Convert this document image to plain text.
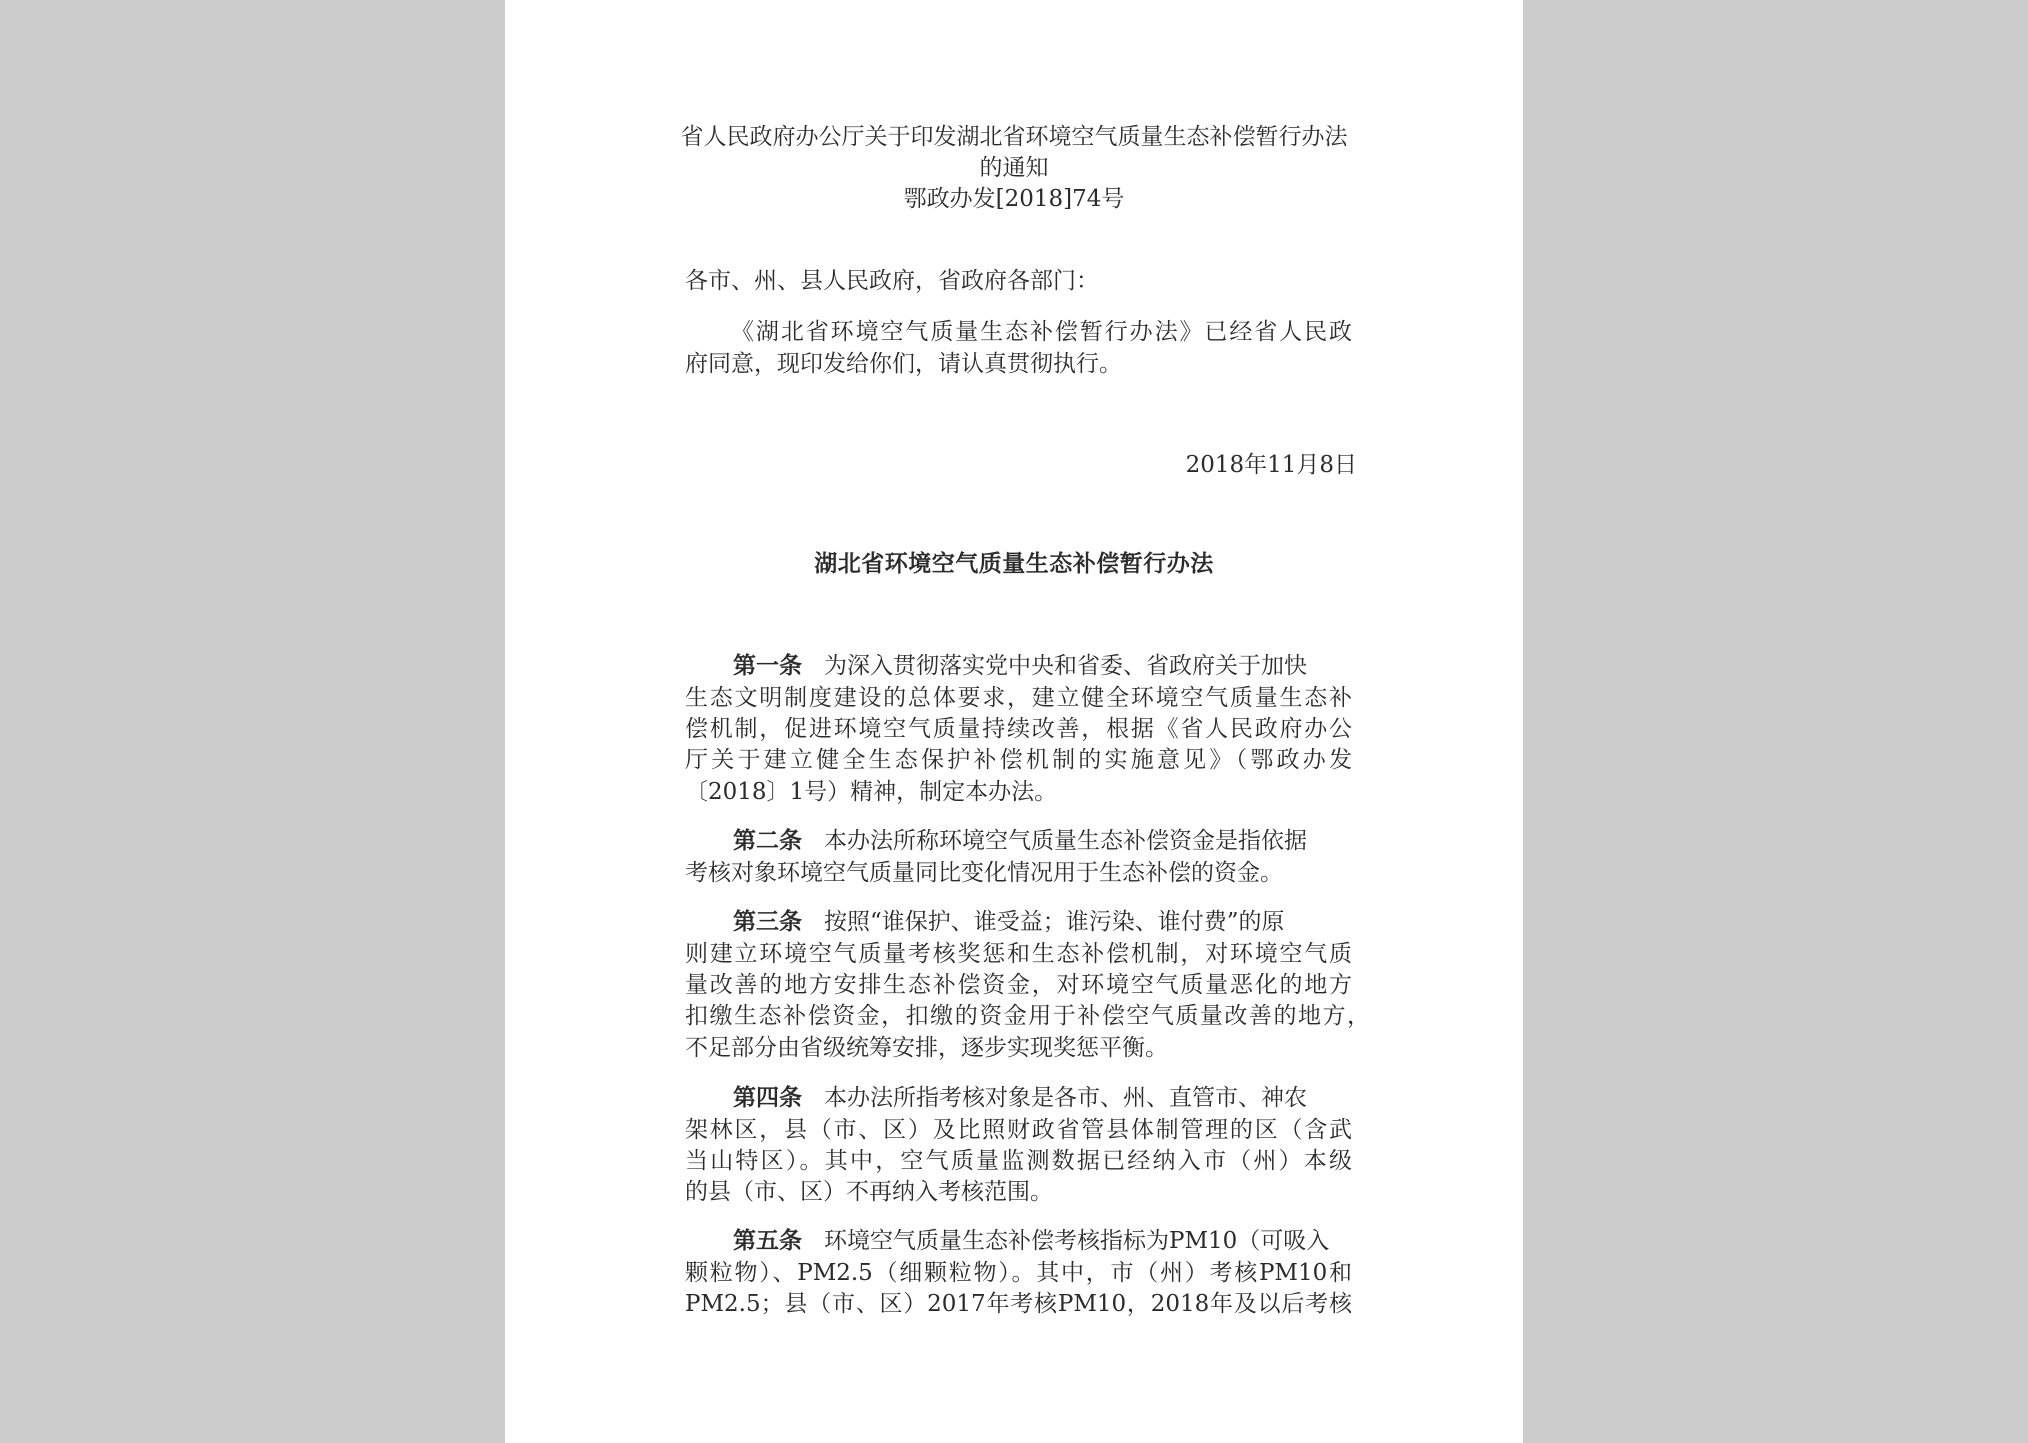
省人民政府办公厅关于印发湖北省环境空气质量生态补偿暂行办法
的通知
鄂政办发[2018]74号
各市、州、县人民政府，省政府各部门：
《湖北省环境空气质量生态补偿暂行办法》已经省人民政
府同意，现印发给你们，请认真贯彻执行。
2018年11月8日
湖北省环境空气质量生态补偿暂行办法
第一条 为深入贯彻落实党中央和省委、省政府关于加快
生态文明制度建设的总体要求，建立健全环境空气质量生态补
偿机制，促进环境空气质量持续改善，根据《省人民政府办公
厅关于建立健全生态保护补偿机制的实施意见》（鄂政办发
〔2018〕1号）精神，制定本办法。
第二条 本办法所称环境空气质量生态补偿资金是指依据
考核对象环境空气质量同比变化情况用于生态补偿的资金。
第三条 按照“谁保护、谁受益；谁污染、谁付费”的原
则建立环境空气质量考核奖惩和生态补偿机制，对环境空气质
量改善的地方安排生态补偿资金，对环境空气质量恶化的地方
扣缴生态补偿资金，扣缴的资金用于补偿空气质量改善的地方，
不足部分由省级统筹安排，逐步实现奖惩平衡。
第四条 本办法所指考核对象是各市、州、直管市、神农
架林区，县（市、区）及比照财政省管县体制管理的区（含武
当山特区）。其中，空气质量监测数据已经纳入市（州）本级
的县（市、区）不再纳入考核范围。
第五条 环境空气质量生态补偿考核指标为PM10（可吸入
颗粒物）、PM2.5（细颗粒物）。其中，市（州）考核PM10和
PM2.5；县（市、区）2017年考核PM10，2018年及以后考核
